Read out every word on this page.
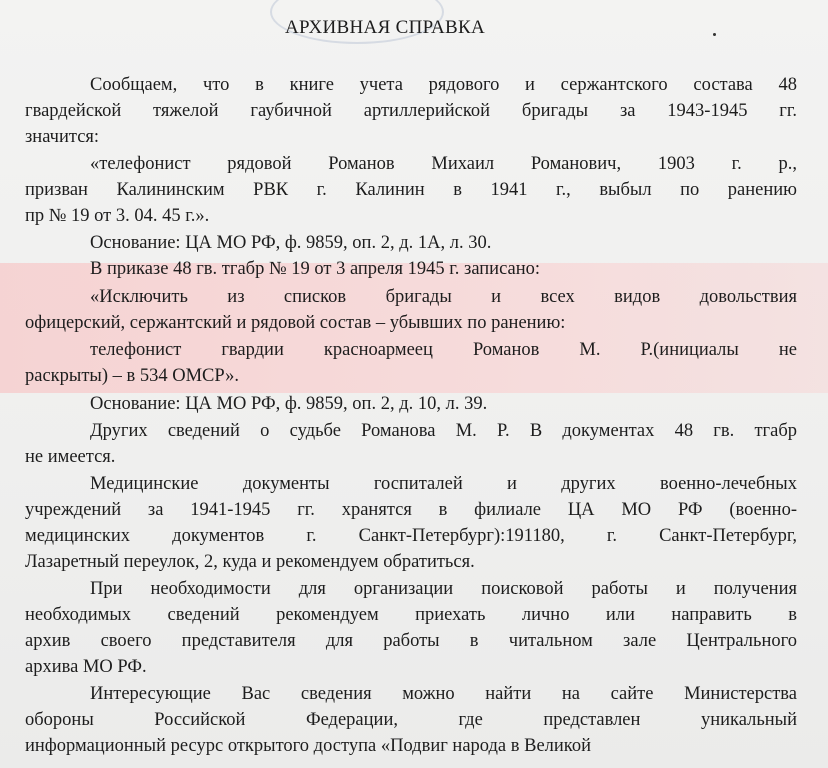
АРХИВНАЯ СПРАВКА
Сообщаем, что в книге учета рядового и сержантского состава 48
гвардейской тяжелой гаубичной артиллерийской бригады за 1943-1945 гг.
значится:
«телефонист рядовой Романов Михаил Романович, 1903 г. р.,
призван Калининским РВК г. Калинин в 1941 г., выбыл по ранению
пр № 19 от 3. 04. 45 г.».
Основание: ЦА МО РФ, ф. 9859, оп. 2, д. 1А, л. 30.
В приказе 48 гв. тгабр № 19 от 3 апреля 1945 г. записано:
«Исключить из списков бригады и всех видов довольствия
офицерский, сержантский и рядовой состав – убывших по ранению:
телефонист гвардии красноармеец Романов М. Р.(инициалы не
раскрыты) – в 534 ОМСР».
Основание: ЦА МО РФ, ф. 9859, оп. 2, д. 10, л. 39.
Других сведений о судьбе Романова М. Р. В документах 48 гв. тгабр
не имеется.
Медицинские документы госпиталей и других военно-лечебных
учреждений за 1941-1945 гг. хранятся в филиале ЦА МО РФ (военно-
медицинских документов г. Санкт-Петербург):191180, г. Санкт-Петербург,
Лазаретный переулок, 2, куда и рекомендуем обратиться.
При необходимости для организации поисковой работы и получения
необходимых сведений рекомендуем приехать лично или направить в
архив своего представителя для работы в читальном зале Центрального
архива МО РФ.
Интересующие Вас сведения можно найти на сайте Министерства
обороны Российской Федерации, где представлен уникальный
информационный ресурс открытого доступа «Подвиг народа в Великой
